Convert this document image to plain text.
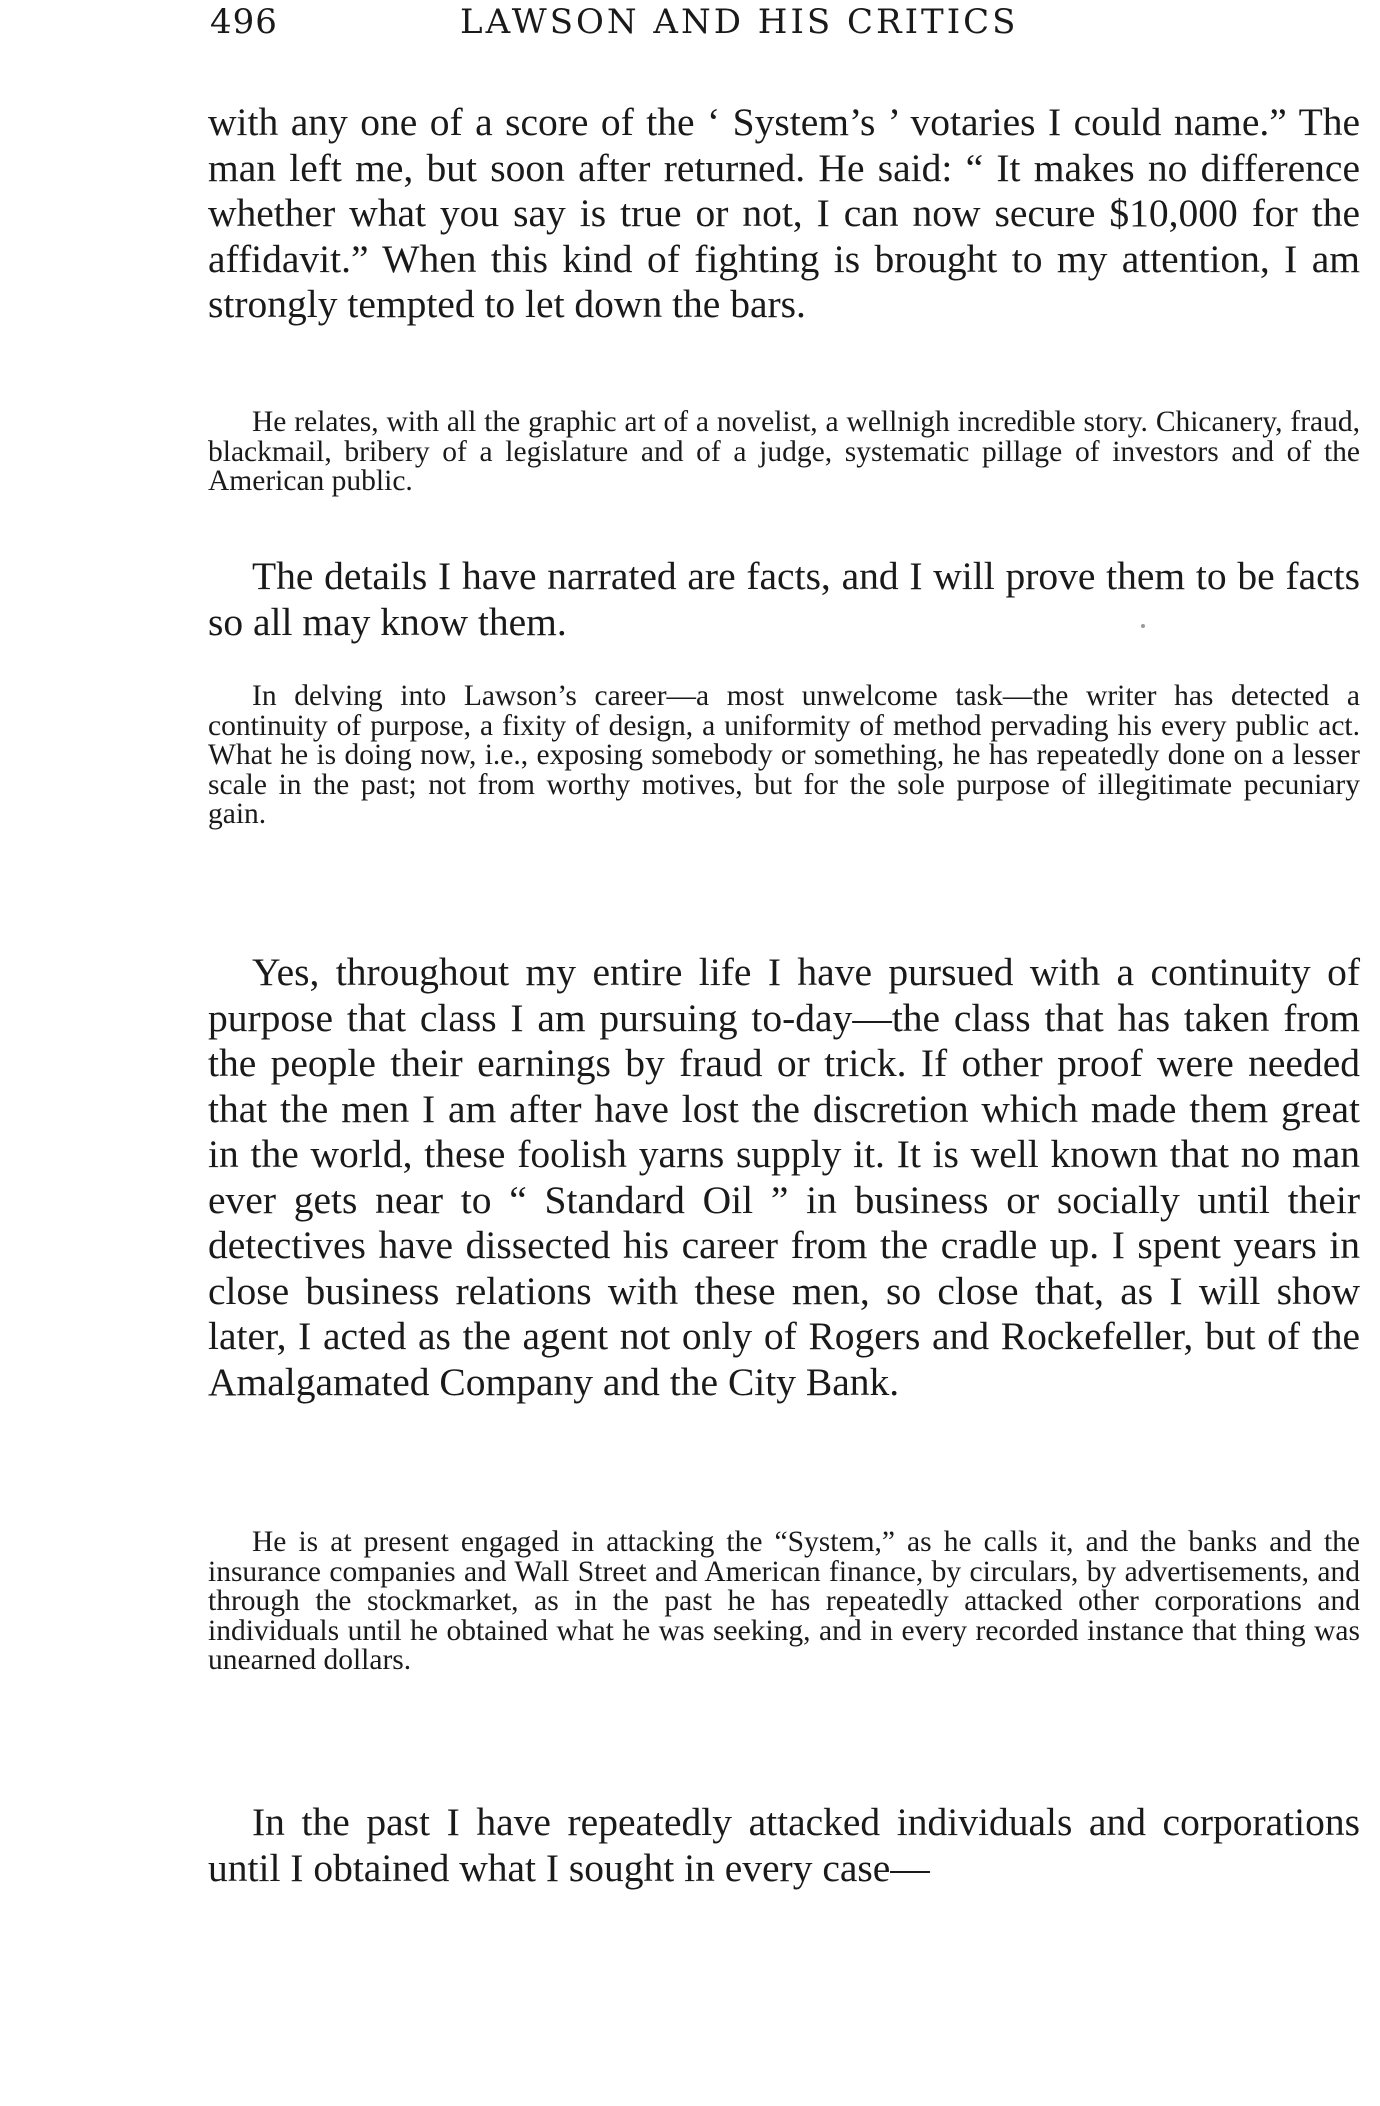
496	LAWSON AND HIS CRITICS

with any one of a score of the ‘ System’s ’ votaries I could name.” The man left me, but soon after returned. He said: “ It makes no difference whether what you say is true or not, I can now secure $10,000 for the affidavit.” When this kind of fighting is brought to my attention, I am strongly tempted to let down the bars.

He relates, with all the graphic art of a novelist, a wellnigh incredible story. Chicanery, fraud, blackmail, bribery of a legislature and of a judge, systematic pillage of investors and of the American public.

The details I have narrated are facts, and I will prove them to be facts so all may know them.

In delving into Lawson’s career—a most unwelcome task—the writer has detected a continuity of purpose, a fixity of design, a uniformity of method pervading his every public act. What he is doing now, i.e., exposing somebody or something, he has repeatedly done on a lesser scale in the past; not from worthy motives, but for the sole purpose of illegitimate pecuniary gain.

Yes, throughout my entire life I have pursued with a continuity of purpose that class I am pursuing to-day—the class that has taken from the people their earnings by fraud or trick. If other proof were needed that the men I am after have lost the discretion which made them great in the world, these foolish yarns supply it. It is well known that no man ever gets near to “ Standard Oil ” in business or socially until their detectives have dissected his career from the cradle up. I spent years in close business relations with these men, so close that, as I will show later, I acted as the agent not only of Rogers and Rockefeller, but of the Amalgamated Company and the City Bank.

He is at present engaged in attacking the “System,” as he calls it, and the banks and the insurance companies and Wall Street and American finance, by circulars, by advertisements, and through the stockmarket, as in the past he has repeatedly attacked other corporations and individuals until he obtained what he was seeking, and in every recorded instance that thing was unearned dollars.

In the past I have repeatedly attacked individuals and corporations until I obtained what I sought in every case—
